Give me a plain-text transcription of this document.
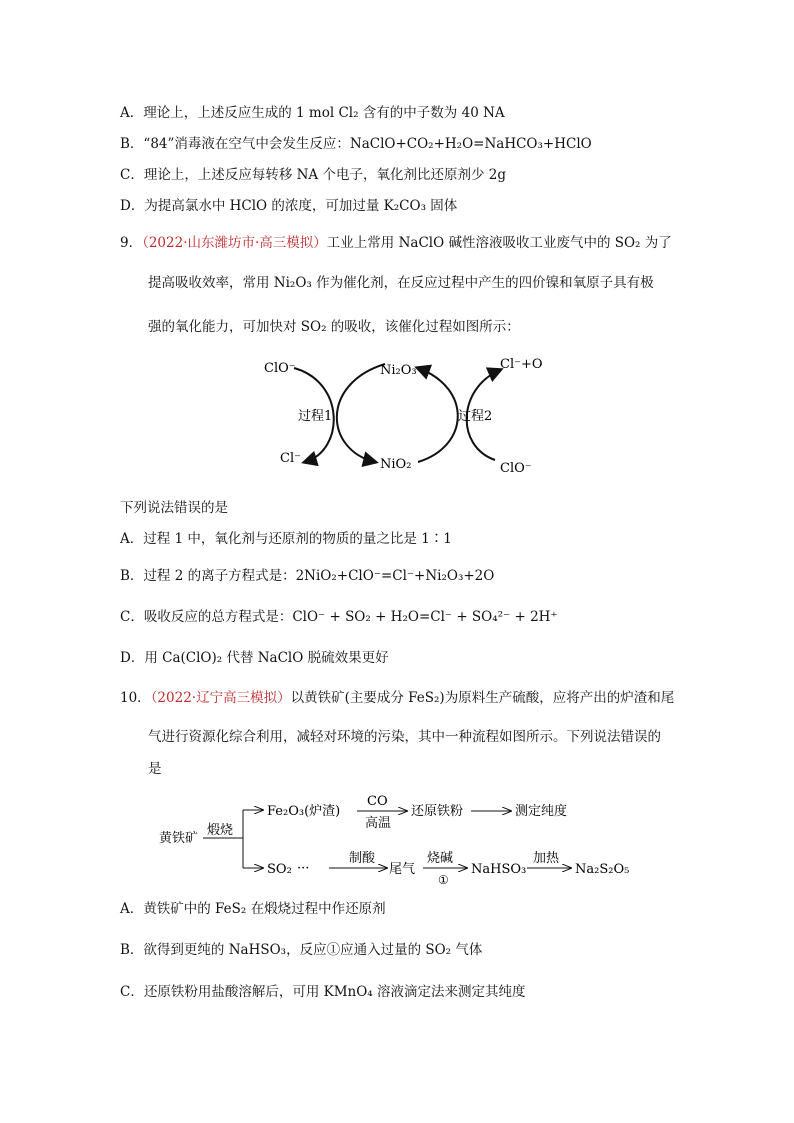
A．理论上，上述反应生成的 1 mol Cl₂ 含有的中子数为 40 NA
B．“84”消毒液在空气中会发生反应：NaClO+CO₂+H₂O=NaHCO₃+HClO
C．理论上，上述反应每转移 NA 个电子，氧化剂比还原剂少 2g
D．为提高氯水中 HClO 的浓度，可加过量 K₂CO₃ 固体
9．（2022·山东潍坊市·高三模拟）工业上常用 NaClO 碱性溶液吸收工业废气中的 SO₂ 为了
提高吸收效率，常用 Ni₂O₃ 作为催化剂，在反应过程中产生的四价镍和氧原子具有极
强的氧化能力，可加快对 SO₂ 的吸收，该催化过程如图所示：
ClO⁻
Cl⁻
Ni₂O₃
NiO₂
Cl⁻+O
ClO⁻
过程1	过程2
下列说法错误的是
A．过程 1 中，氧化剂与还原剂的物质的量之比是 1∶1
B．过程 2 的离子方程式是：2NiO₂+ClO⁻=Cl⁻+Ni₂O₃+2O
C．吸收反应的总方程式是：ClO⁻ + SO₂ + H₂O=Cl⁻ + SO₄²⁻ + 2H⁺
D．用 Ca(ClO)₂ 代替 NaClO 脱硫效果更好
10．（2022·辽宁高三模拟）以黄铁矿(主要成分 FeS₂)为原料生产硫酸，应将产出的炉渣和尾
气进行资源化综合利用，减轻对环境的污染，其中一种流程如图所示。下列说法错误的
是
黄铁矿
煅烧
Fe₂O₃(炉渣)
CO
高温
还原铁粉	测定纯度
SO₂ ···
制酸
尾气
烧碱
①
NaHSO₃
加热
Na₂S₂O₅
A．黄铁矿中的 FeS₂ 在煅烧过程中作还原剂
B．欲得到更纯的 NaHSO₃，反应①应通入过量的 SO₂ 气体
C．还原铁粉用盐酸溶解后，可用 KMnO₄ 溶液滴定法来测定其纯度
